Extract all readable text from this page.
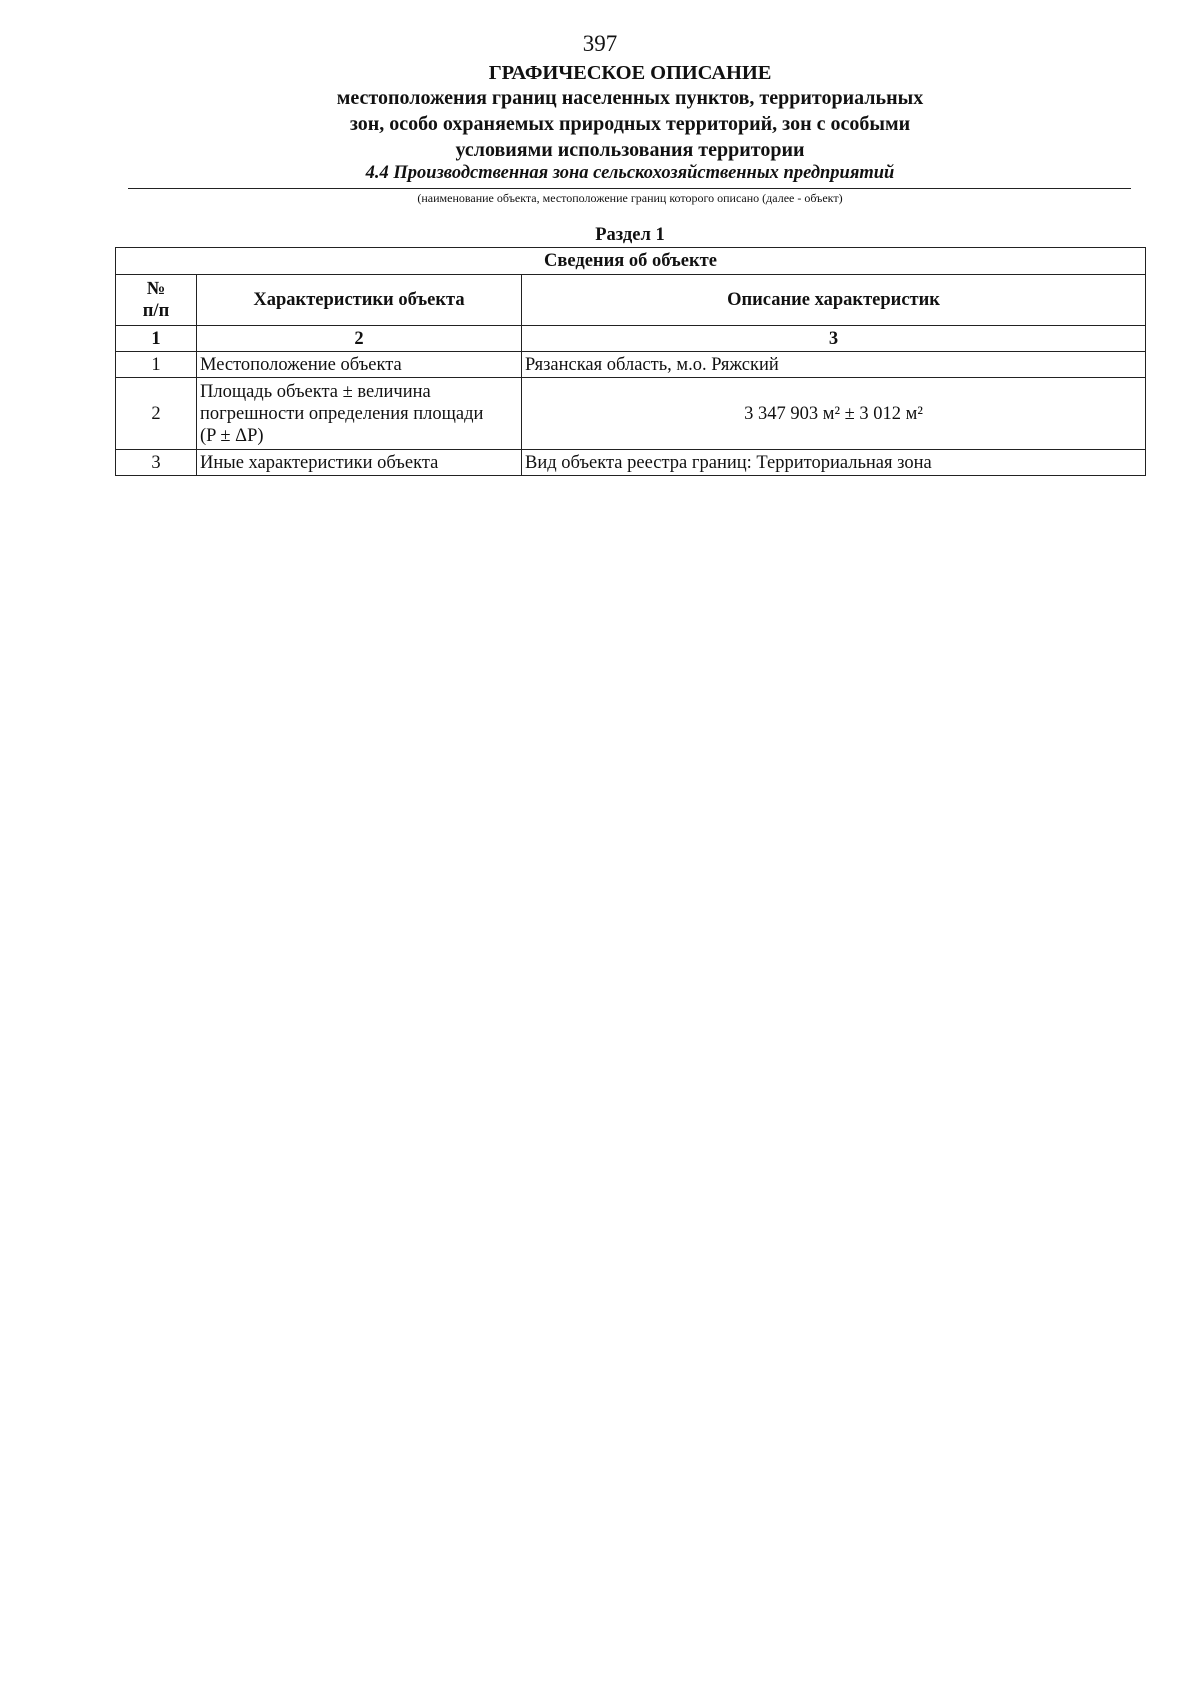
397
ГРАФИЧЕСКОЕ ОПИСАНИЕ
местоположения границ населенных пунктов, территориальных
зон, особо охраняемых природных территорий, зон с особыми
условиями использования территории
4.4 Производственная зона сельскохозяйственных предприятий
(наименование объекта, местоположение границ которого описано (далее - объект)
Раздел 1
Сведения об объекте		

№
п/п	Характеристики объекта	Описание характеристик
1	2	3
1	Местоположение объекта	Рязанская область, м.о. Ряжский
2	Площадь объекта ± величина
погрешности определения площади
(P ± ΔP)	3 347 903 м² ± 3 012 м²
3	Иные характеристики объекта	Вид объекта реестра границ: Территориальная зона
